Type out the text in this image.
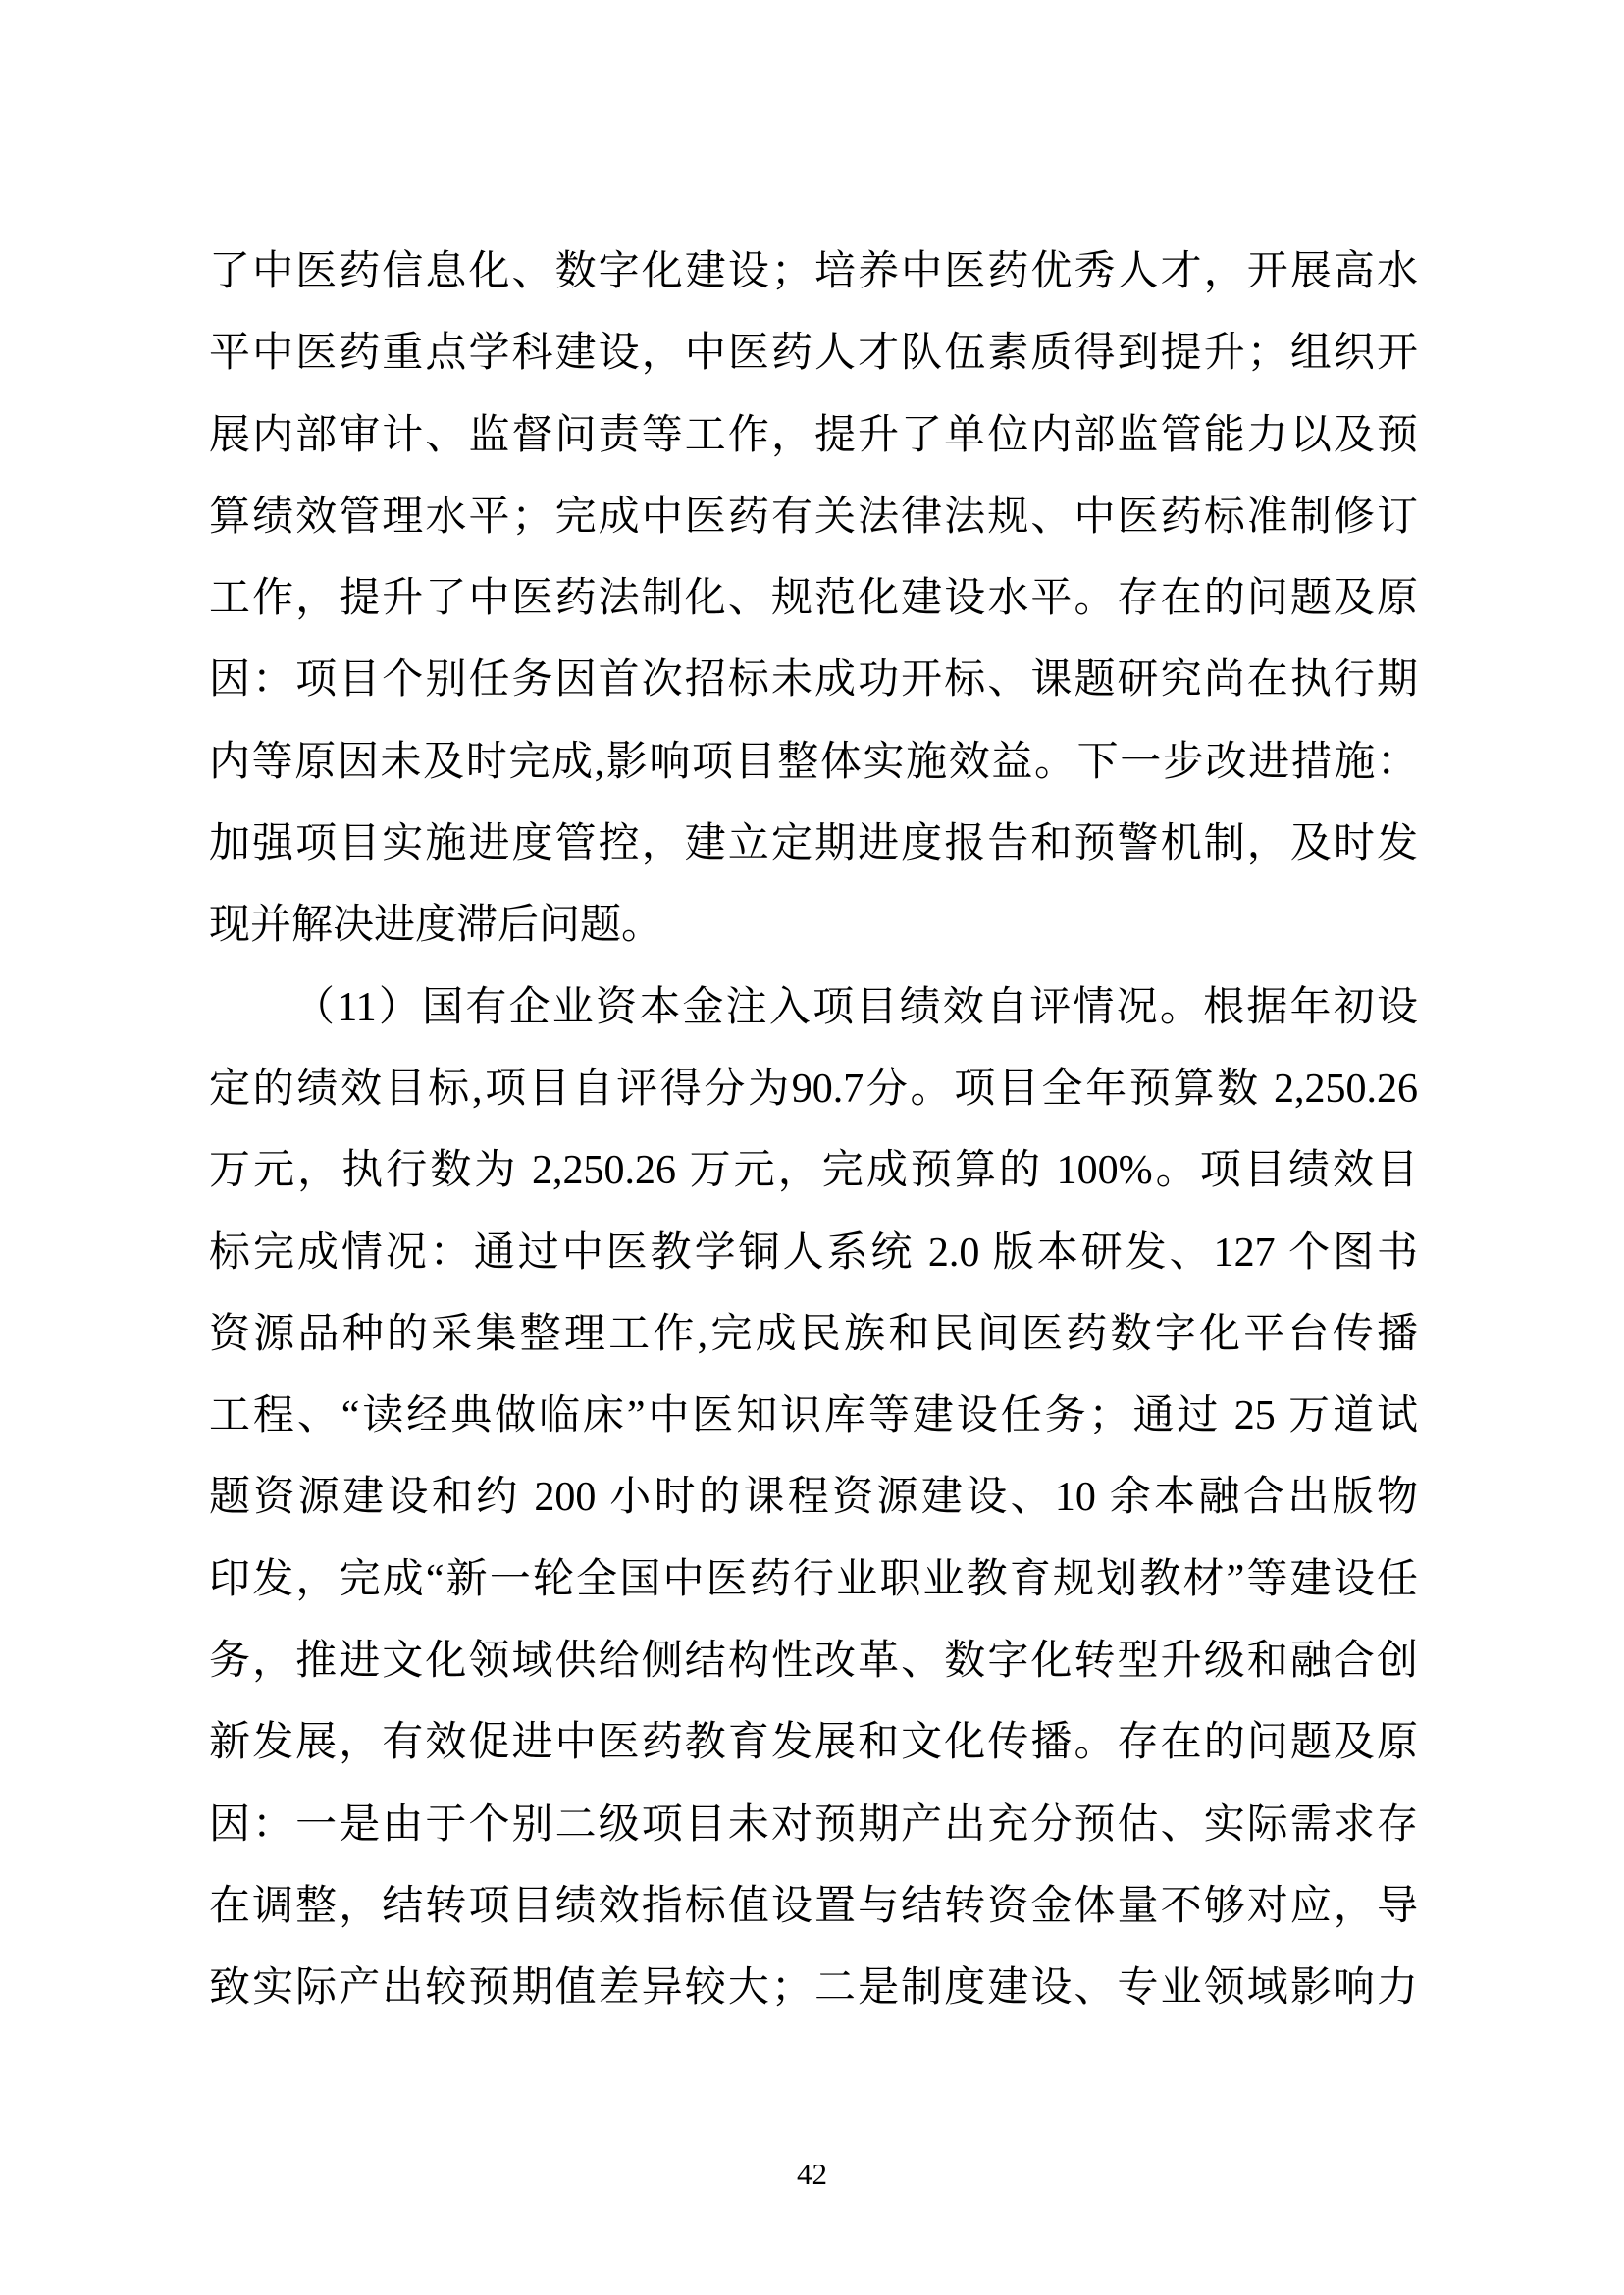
了中医药信息化、数字化建设；培养中医药优秀人才，开展高水
平中医药重点学科建设，中医药人才队伍素质得到提升；组织开
展内部审计、监督问责等工作，提升了单位内部监管能力以及预
算绩效管理水平；完成中医药有关法律法规、中医药标准制修订
工作，提升了中医药法制化、规范化建设水平。存在的问题及原
因：项目个别任务因首次招标未成功开标、课题研究尚在执行期
内等原因未及时完成,影响项目整体实施效益。下一步改进措施：
加强项目实施进度管控，建立定期进度报告和预警机制，及时发
现并解决进度滞后问题。
（11）国有企业资本金注入项目绩效自评情况。根据年初设
定的绩效目标,项目自评得分为90.7分。项目全年预算数 2,250.26
万元，执行数为 2,250.26 万元，完成预算的 100%。项目绩效目
标完成情况：通过中医教学铜人系统 2.0 版本研发、127 个图书
资源品种的采集整理工作,完成民族和民间医药数字化平台传播
工程、“读经典做临床”中医知识库等建设任务；通过 25 万道试
题资源建设和约 200 小时的课程资源建设、10 余本融合出版物
印发，完成“新一轮全国中医药行业职业教育规划教材”等建设任
务，推进文化领域供给侧结构性改革、数字化转型升级和融合创
新发展，有效促进中医药教育发展和文化传播。存在的问题及原
因：一是由于个别二级项目未对预期产出充分预估、实际需求存
在调整，结转项目绩效指标值设置与结转资金体量不够对应，导
致实际产出较预期值差异较大；二是制度建设、专业领域影响力
42
